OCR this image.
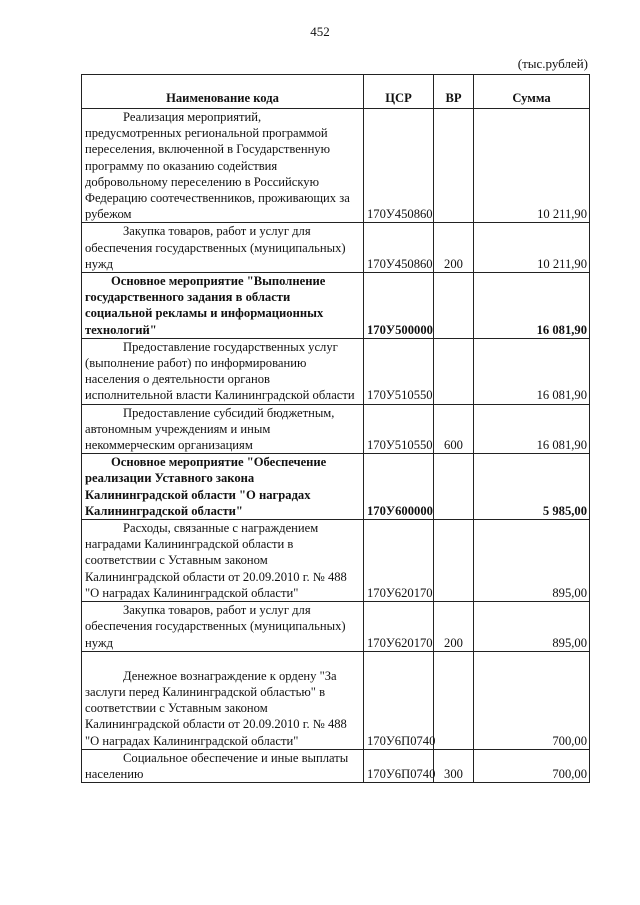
452
(тыс.рублей)
Наименование кода	ЦСР	ВР	Сумма
Реализация мероприятий, предусмотренных региональной программой переселения, включенной в Государственную программу по оказанию содействия добровольному переселению в Российскую Федерацию соотечественников, проживающих за рубежом	170У450860		10 211,90
Закупка товаров, работ и услуг для обеспечения государственных (муниципальных) нужд	170У450860	200	10 211,90
Основное мероприятие "Выполнение государственного задания в области социальной рекламы и информационных технологий"	170У500000		16 081,90
Предоставление государственных услуг (выполнение работ) по информированию населения о деятельности органов исполнительной власти Калининградской области	170У510550		16 081,90
Предоставление субсидий бюджетным, автономным учреждениям и иным некоммерческим организациям	170У510550	600	16 081,90
Основное мероприятие "Обеспечение реализации Уставного закона Калининградской области "О наградах Калининградской области"	170У600000		5 985,00
Расходы, связанные с награждением наградами Калининградской области в соответствии с Уставным законом Калининградской области от 20.09.2010 г. № 488 "О наградах Калининградской области"	170У620170		895,00
Закупка товаров, работ и услуг для обеспечения государственных (муниципальных) нужд	170У620170	200	895,00
Денежное вознаграждение к ордену "За заслуги перед Калининградской областью" в соответствии с Уставным законом Калининградской области от 20.09.2010 г. № 488 "О наградах Калининградской области"	170У6П0740		700,00
Социальное обеспечение и иные выплаты населению	170У6П0740	300	700,00
